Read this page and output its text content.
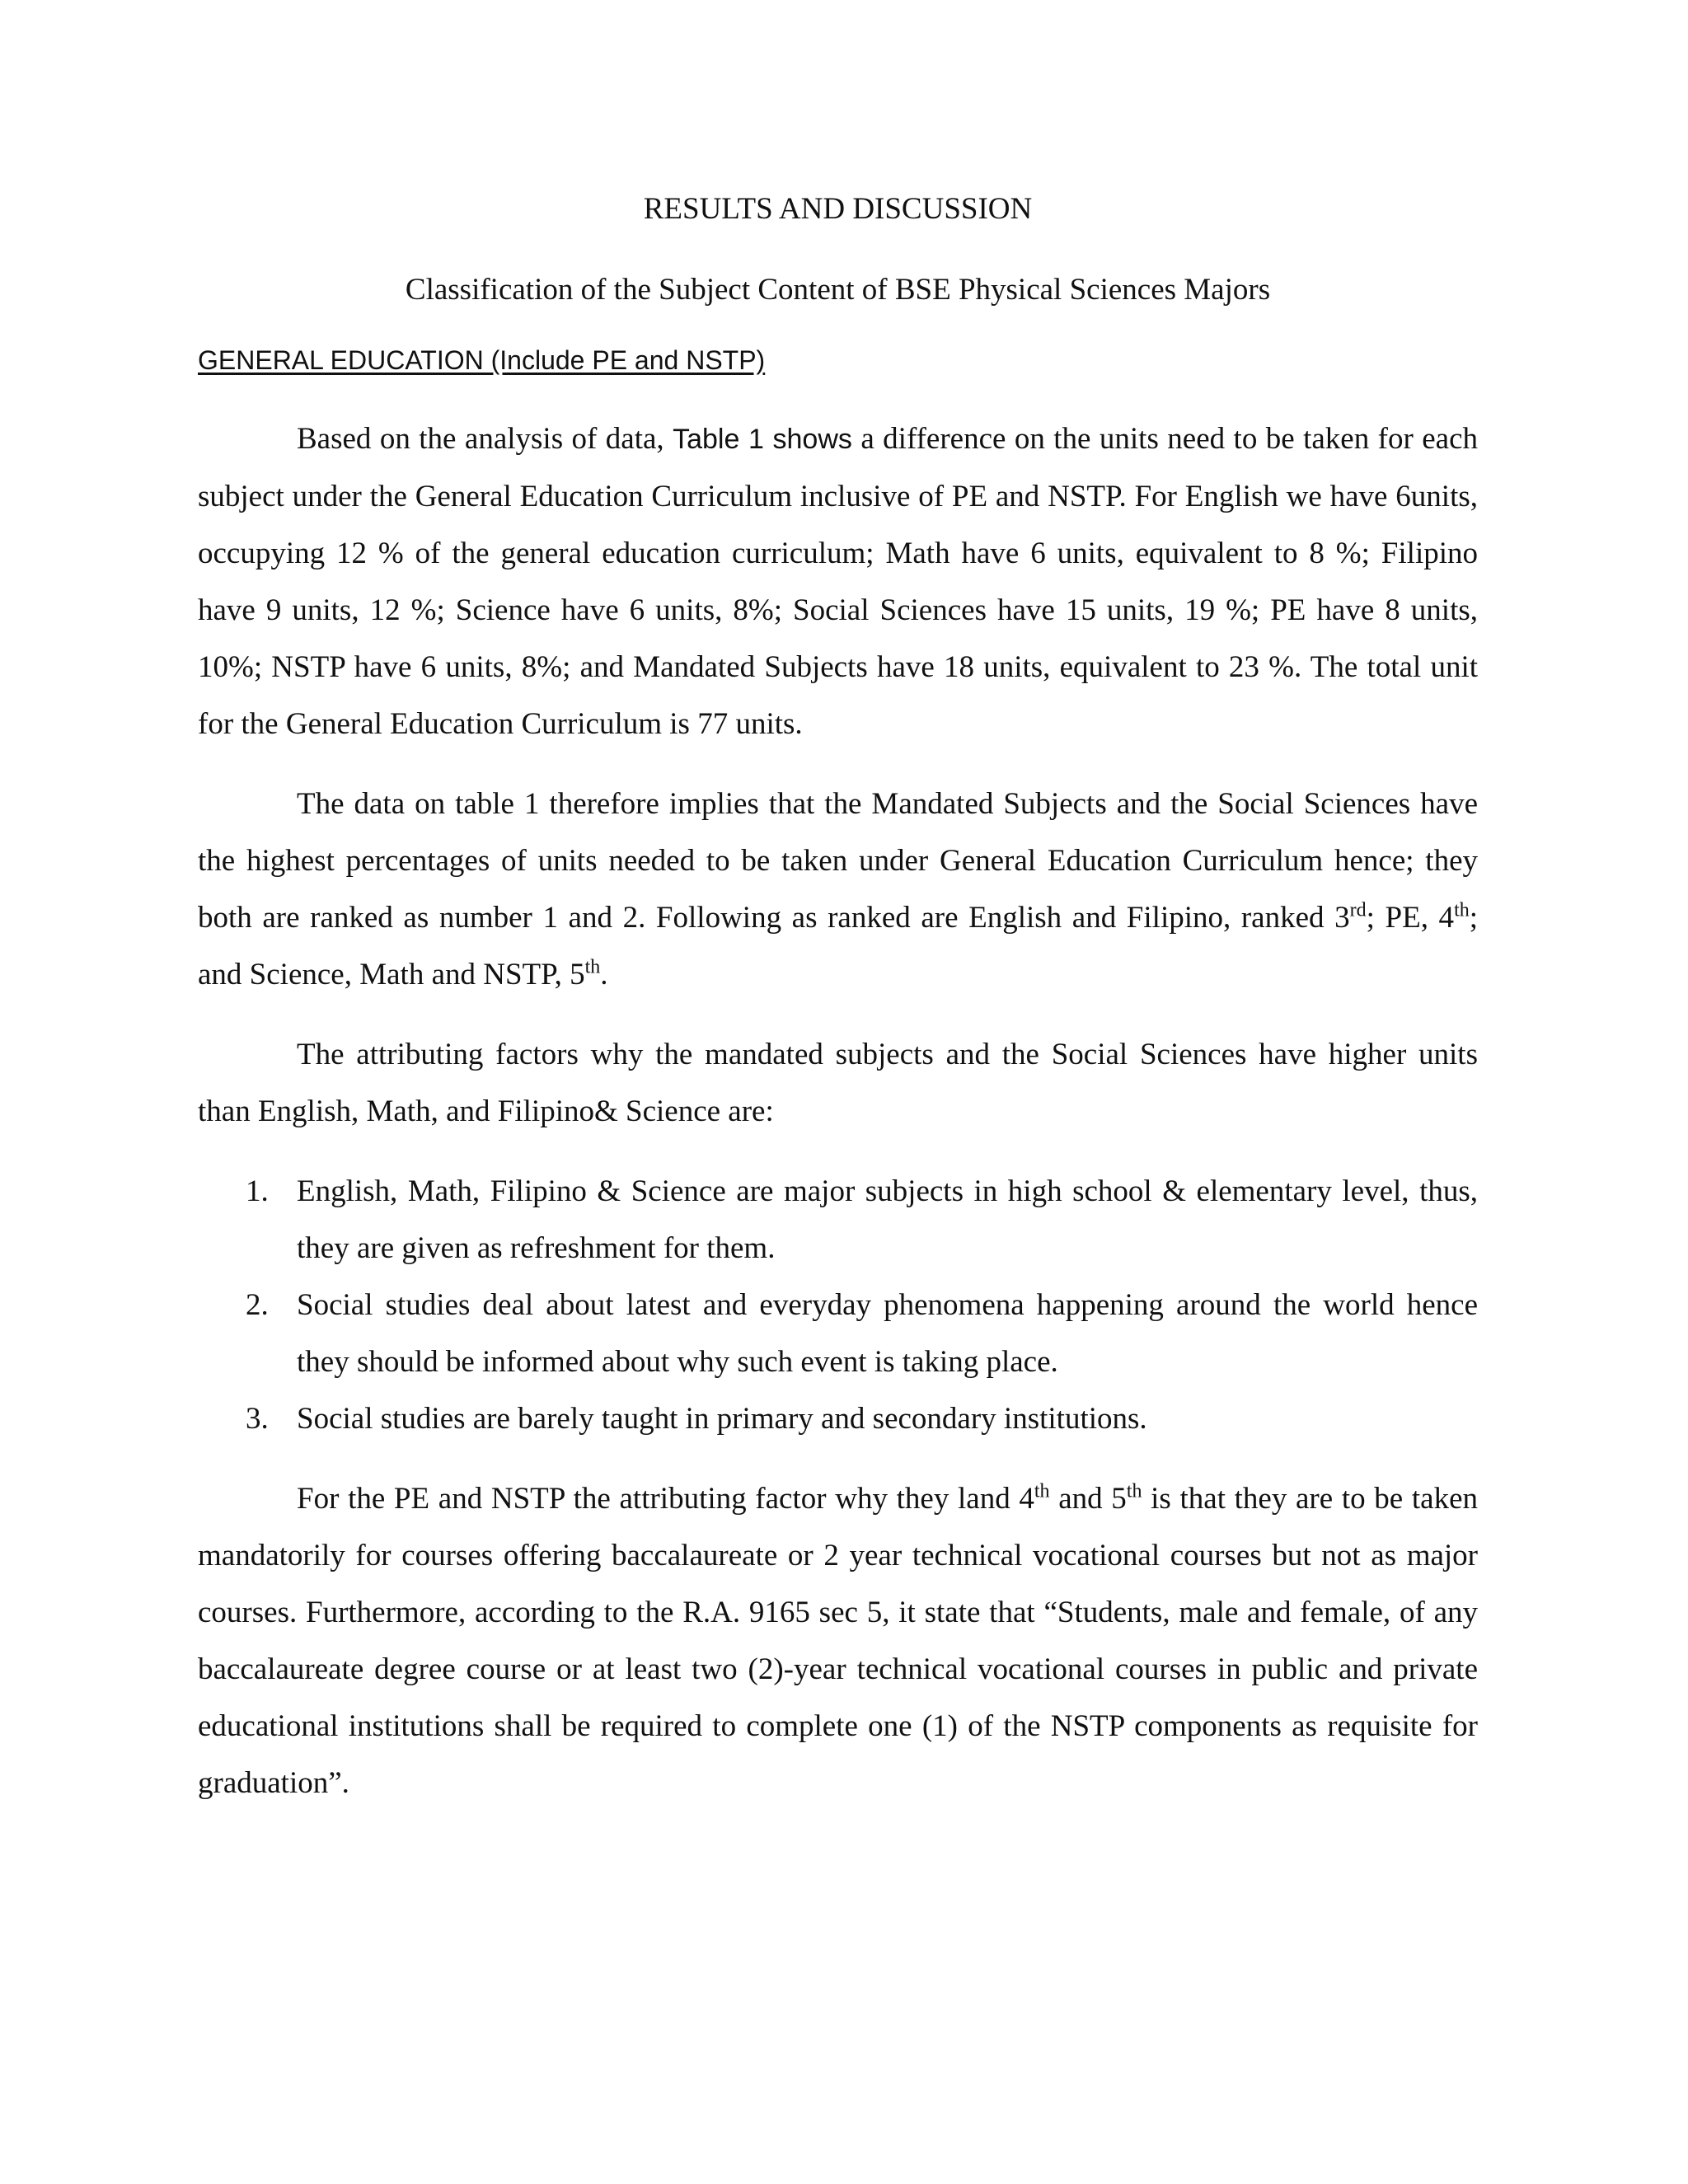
RESULTS AND DISCUSSION
Classification of the Subject Content of BSE Physical Sciences Majors
GENERAL EDUCATION (Include PE and NSTP)

Based on the analysis of data, Table 1 shows a difference on the units need to be taken for each subject under the General Education Curriculum inclusive of PE and NSTP. For English we have 6units, occupying 12 % of the general education curriculum; Math have 6 units, equivalent to 8 %; Filipino have 9 units, 12 %; Science have 6 units, 8%; Social Sciences have 15 units, 19 %; PE have 8 units, 10%; NSTP have 6 units, 8%; and Mandated Subjects have 18 units, equivalent to 23 %. The total unit for the General Education Curriculum is 77 units.

The data on table 1 therefore implies that the Mandated Subjects and the Social Sciences have the highest percentages of units needed to be taken under General Education Curriculum hence; they both are ranked as number 1 and 2. Following as ranked are English and Filipino, ranked 3rd; PE, 4th; and Science, Math and NSTP, 5th.

The attributing factors why the mandated subjects and the Social Sciences have higher units than English, Math, and Filipino& Science are:

1. English, Math, Filipino & Science are major subjects in high school & elementary level, thus, they are given as refreshment for them.
2. Social studies deal about latest and everyday phenomena happening around the world hence they should be informed about why such event is taking place.
3. Social studies are barely taught in primary and secondary institutions.

For the PE and NSTP the attributing factor why they land 4th and 5th is that they are to be taken mandatorily for courses offering baccalaureate or 2 year technical vocational courses but not as major courses. Furthermore, according to the R.A. 9165 sec 5, it state that “Students, male and female, of any baccalaureate degree course or at least two (2)-year technical vocational courses in public and private educational institutions shall be required to complete one (1) of the NSTP components as requisite for graduation”.
